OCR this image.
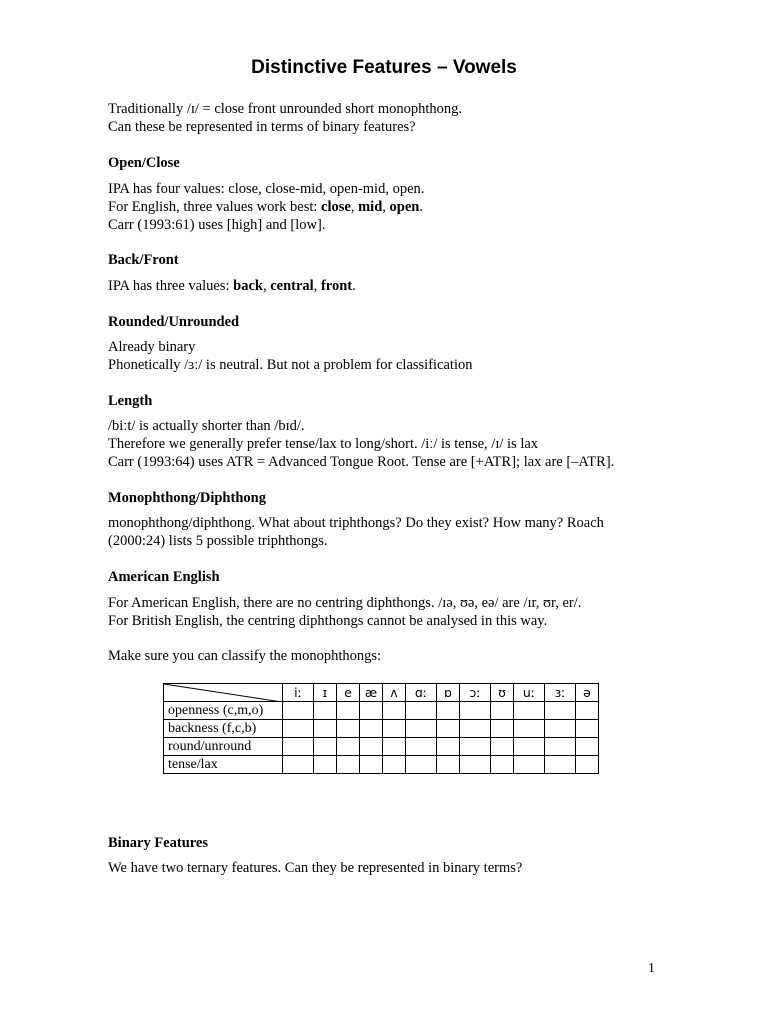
Distinctive Features – Vowels

Traditionally /ɪ/ = close front unrounded short monophthong.

Can these be represented in terms of binary features?

Open/Close

IPA has four values: close, close-mid, open-mid, open.

For English, three values work best: close, mid, open.

Carr (1993:61) uses [high] and [low].

Back/Front

IPA has three values: back, central, front.

Rounded/Unrounded

Already binary

Phonetically /ɜː/ is neutral. But not a problem for classification

Length

/biːt/ is actually shorter than /bɪd/.

Therefore we generally prefer tense/lax to long/short. /iː/ is tense, /ɪ/ is lax

Carr (1993:64) uses ATR = Advanced Tongue Root. Tense are [+ATR]; lax are [–ATR].

Monophthong/Diphthong

monophthong/diphthong. What about triphthongs? Do they exist? How many? Roach

(2000:24) lists 5 possible triphthongs.

American English

For American English, there are no centring diphthongs. /ɪə, ʊə, eə/ are /ɪr, ʊr, er/.

For British English, the centring diphthongs cannot be analysed in this way.

Make sure you can classify the monophthongs:

	iː	ɪ	e	æ	ʌ	ɑː	ɒ	ɔː	ʊ	uː	ɜː	ə
openness (c,m,o)												
backness (f,c,b)												
round/unround												
tense/lax												
Binary Features

We have two ternary features. Can they be represented in binary terms?

1
